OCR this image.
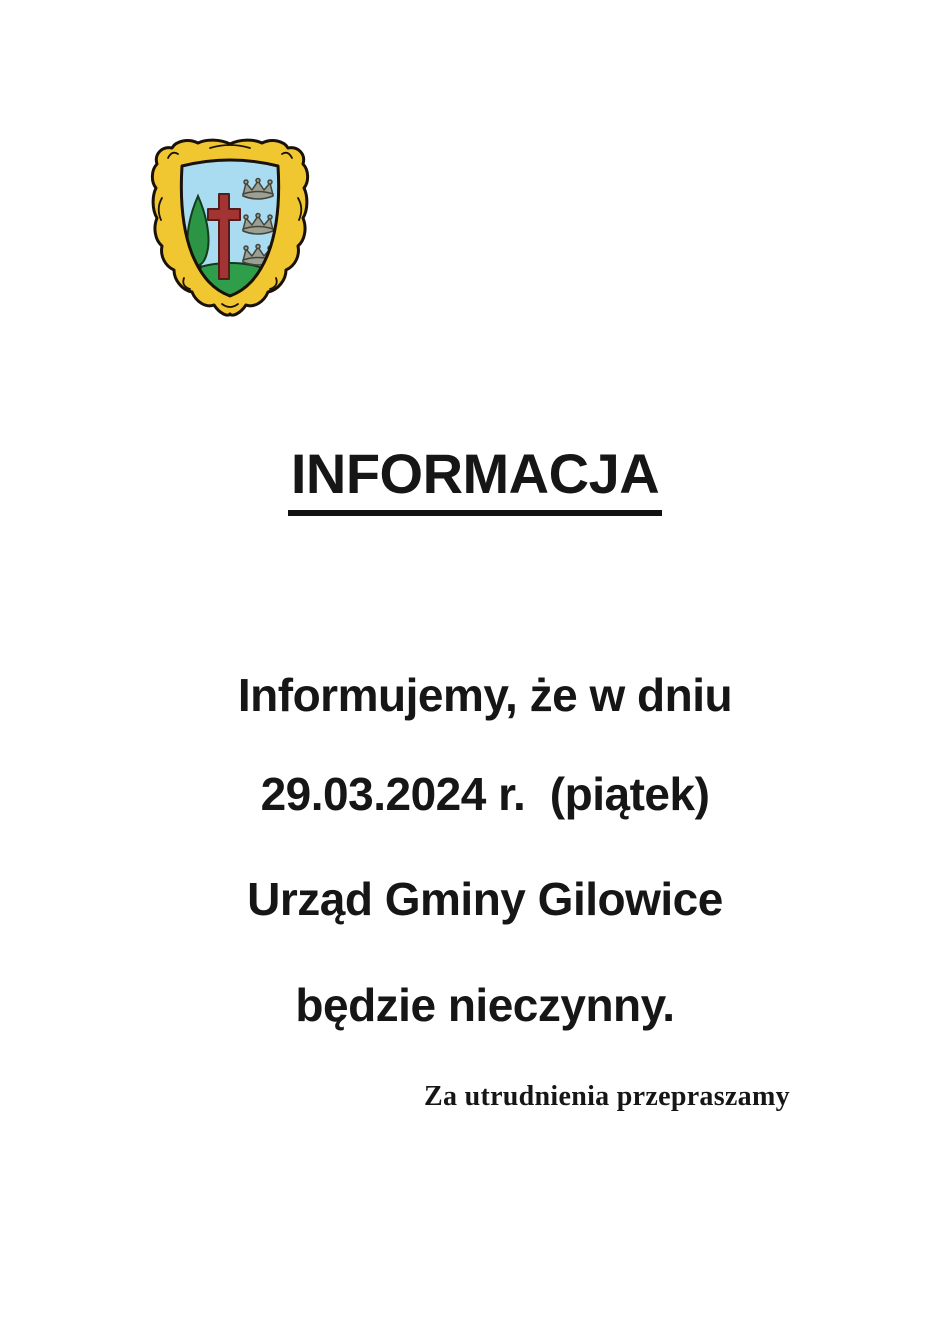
INFORMACJA
Informujemy, że w dniu
29.03.2024 r.  (piątek)
Urząd Gminy Gilowice
będzie nieczynny.
Za utrudnienia przepraszamy
